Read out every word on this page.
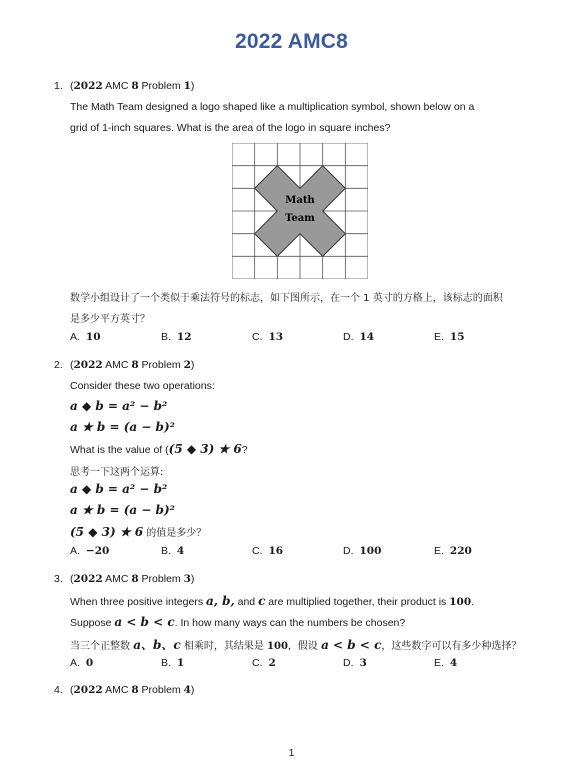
2022 AMC8
1. (2022 AMC 8 Problem 1)
The Math Team designed a logo shaped like a multiplication symbol, shown below on a
grid of 1-inch squares. What is the area of the logo in square inches?
Math
Team
数学小组设计了一个类似于乘法符号的标志，如下图所示，在一个 1 英寸的方格上，该标志的面积
是多少平方英寸？
A. 10	B. 12	C. 13	D. 14	E. 15
2. (2022 AMC 8 Problem 2)
Consider these two operations:
a ◆ b = a² − b²
a ★ b = (a − b)²
What is the value of ((5 ◆ 3) ★ 6?
思考一下这两个运算:
a ◆ b = a² − b²
a ★ b = (a − b)²
(5 ◆ 3) ★ 6 的值是多少？
A. −20	B. 4	C. 16	D. 100	E. 220
3. (2022 AMC 8 Problem 3)
When three positive integers a, b, and c are multiplied together, their product is 100.
Suppose a < b < c. In how many ways can the numbers be chosen?
当三个正整数 a、b、c 相乘时，其结果是 100，假设 a < b < c，这些数字可以有多少种选择？
A. 0	B. 1	C. 2	D. 3	E. 4
4. (2022 AMC 8 Problem 4)
1
